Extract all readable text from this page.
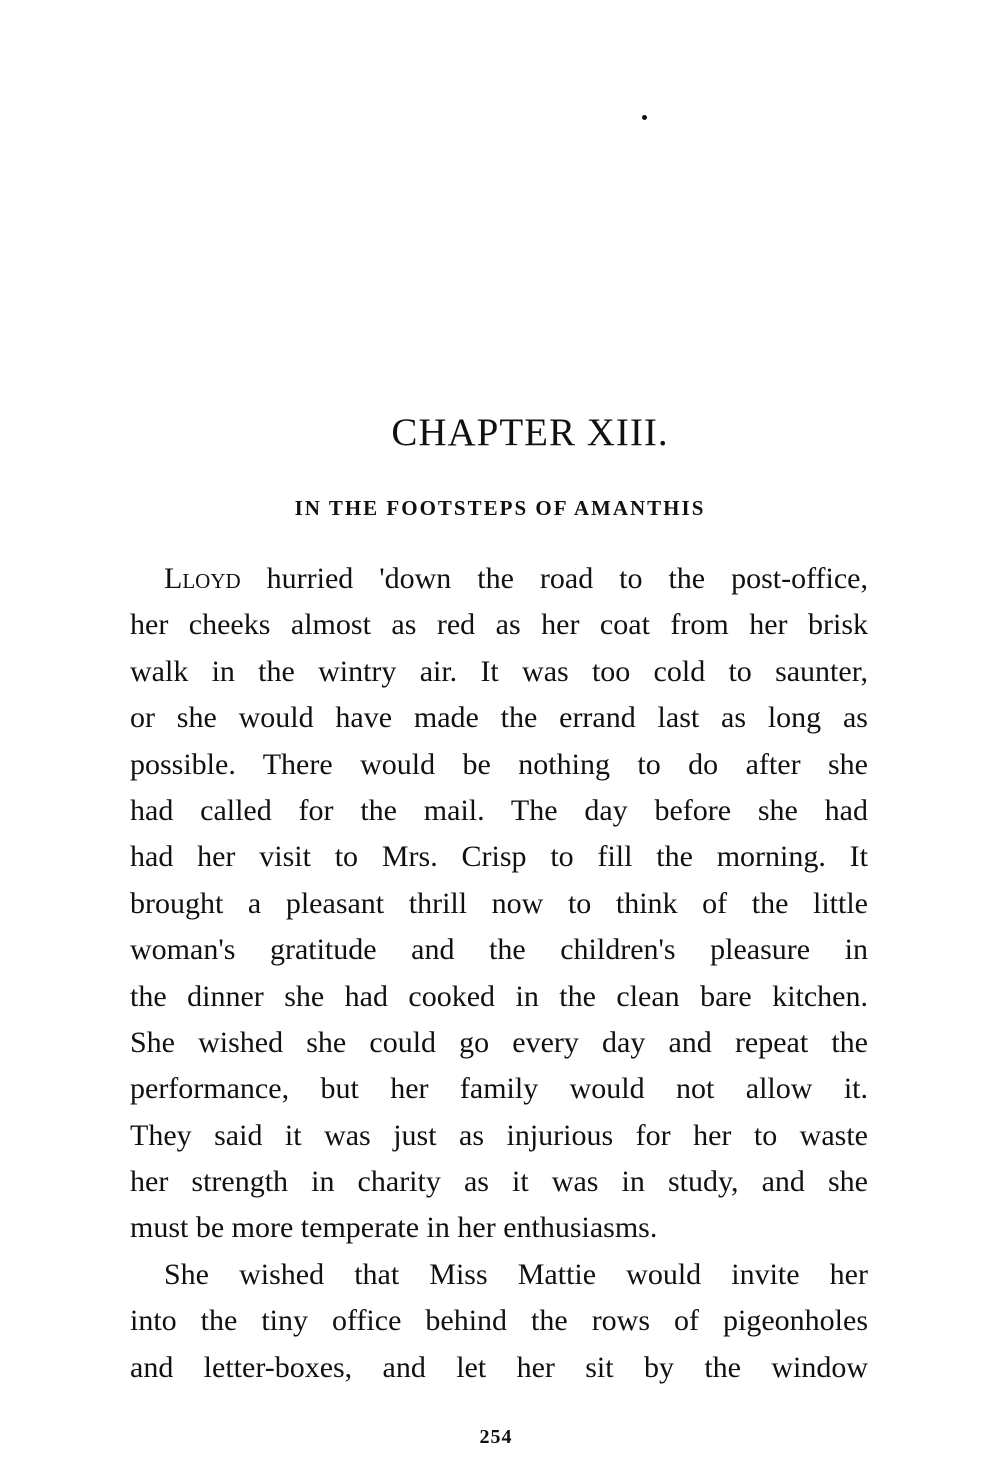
CHAPTER XIII.
IN THE FOOTSTEPS OF AMANTHIS
Lloyd hurried 'down the road to the post-office,
her cheeks almost as red as her coat from her brisk
walk in the wintry air. It was too cold to saunter,
or she would have made the errand last as long as
possible. There would be nothing to do after she
had called for the mail. The day before she had
had her visit to Mrs. Crisp to fill the morning. It
brought a pleasant thrill now to think of the little
woman's gratitude and the children's pleasure in
the dinner she had cooked in the clean bare kitchen.
She wished she could go every day and repeat the
performance, but her family would not allow it.
They said it was just as injurious for her to waste
her strength in charity as it was in study, and she
must be more temperate in her enthusiasms.
She wished that Miss Mattie would invite her
into the tiny office behind the rows of pigeonholes
and letter-boxes, and let her sit by the window
254
